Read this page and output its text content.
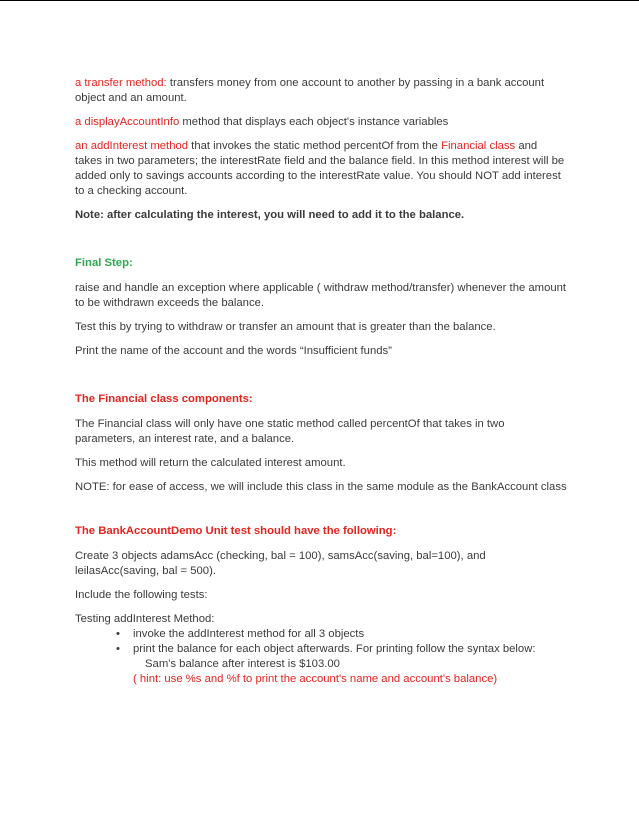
a transfer method: transfers money from one account to another by passing in a bank account object and an amount.

a displayAccountInfo method that displays each object's instance variables

an addInterest method that invokes the static method percentOf from the Financial class and takes in two parameters; the interestRate field and the balance field. In this method interest will be added only to savings accounts according to the interestRate value. You should NOT add interest to a checking account.

Note: after calculating the interest, you will need to add it to the balance.

Final Step:

raise and handle an exception where applicable ( withdraw method/transfer) whenever the amount to be withdrawn exceeds the balance.

Test this by trying to withdraw or transfer an amount that is greater than the balance.

Print the name of the account and the words “Insufficient funds”

The Financial class components:

The Financial class will only have one static method called percentOf that takes in two parameters, an interest rate, and a balance.

This method will return the calculated interest amount.

NOTE: for ease of access, we will include this class in the same module as the BankAccount class

The BankAccountDemo Unit test should have the following:

Create 3 objects adamsAcc (checking, bal = 100), samsAcc(saving, bal=100), and leilasAcc(saving, bal = 500).

Include the following tests:

Testing addInterest Method:
• invoke the addInterest method for all 3 objects
• print the balance for each object afterwards. For printing follow the syntax below:
Sam's balance after interest is $103.00
( hint: use %s and %f to print the account's name and account's balance)
